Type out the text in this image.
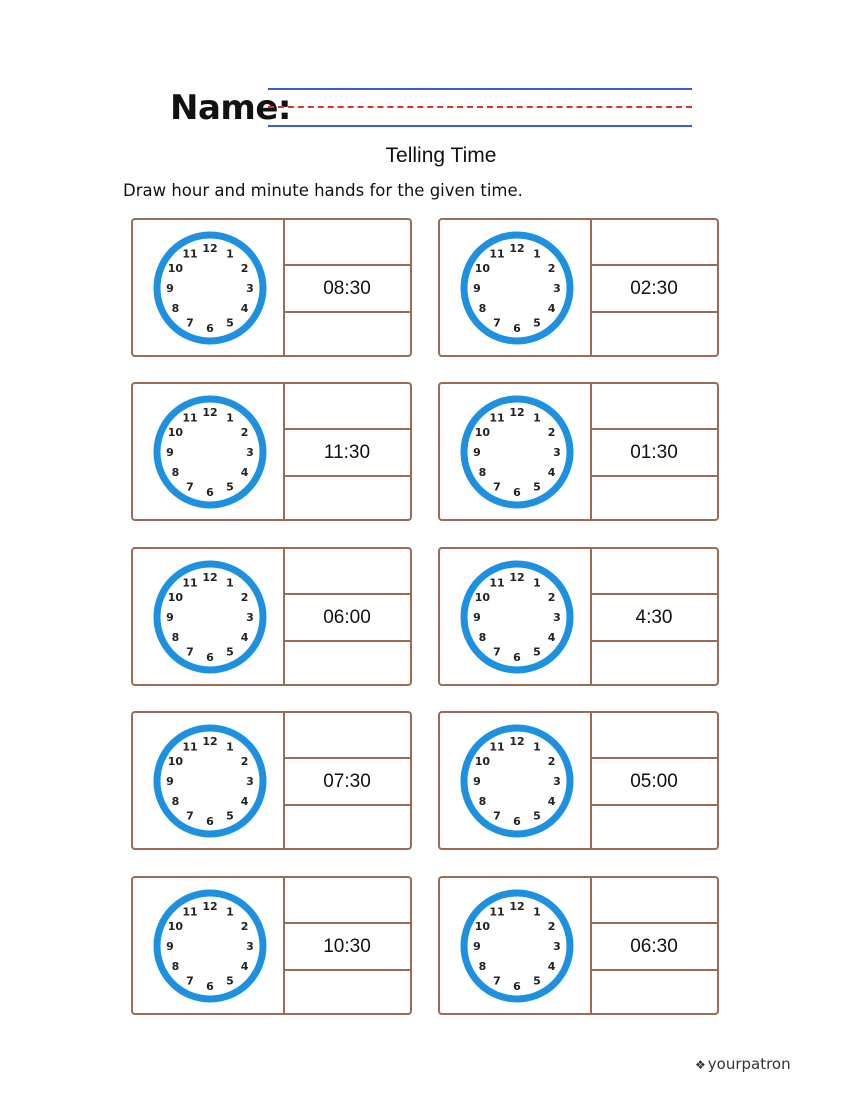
Name:
Telling Time
Draw hour and minute hands for the given time.
12 1
2
3
4
5
6
7
8
9
10
11
08:30
12 1
2
3
4
5
6
7
8
9
10
11
02:30
12 1
2
3
4
5
6
7
8
9
10
11
11:30
12 1
2
3
4
5
6
7
8
9
10
11
01:30
12 1
2
3
4
5
6
7
8
9
10
11
06:00
12 1
2
3
4
5
6
7
8
9
10
11
4:30
12 1
2
3
4
5
6
7
8
9
10
11
07:30
12 1
2
3
4
5
6
7
8
9
10
11
05:00
12 1
2
3
4
5
6
7
8
9
10
11
10:30
12 1
2
3
4
5
6
7
8
9
10
11
06:30
❖ yourpatron
